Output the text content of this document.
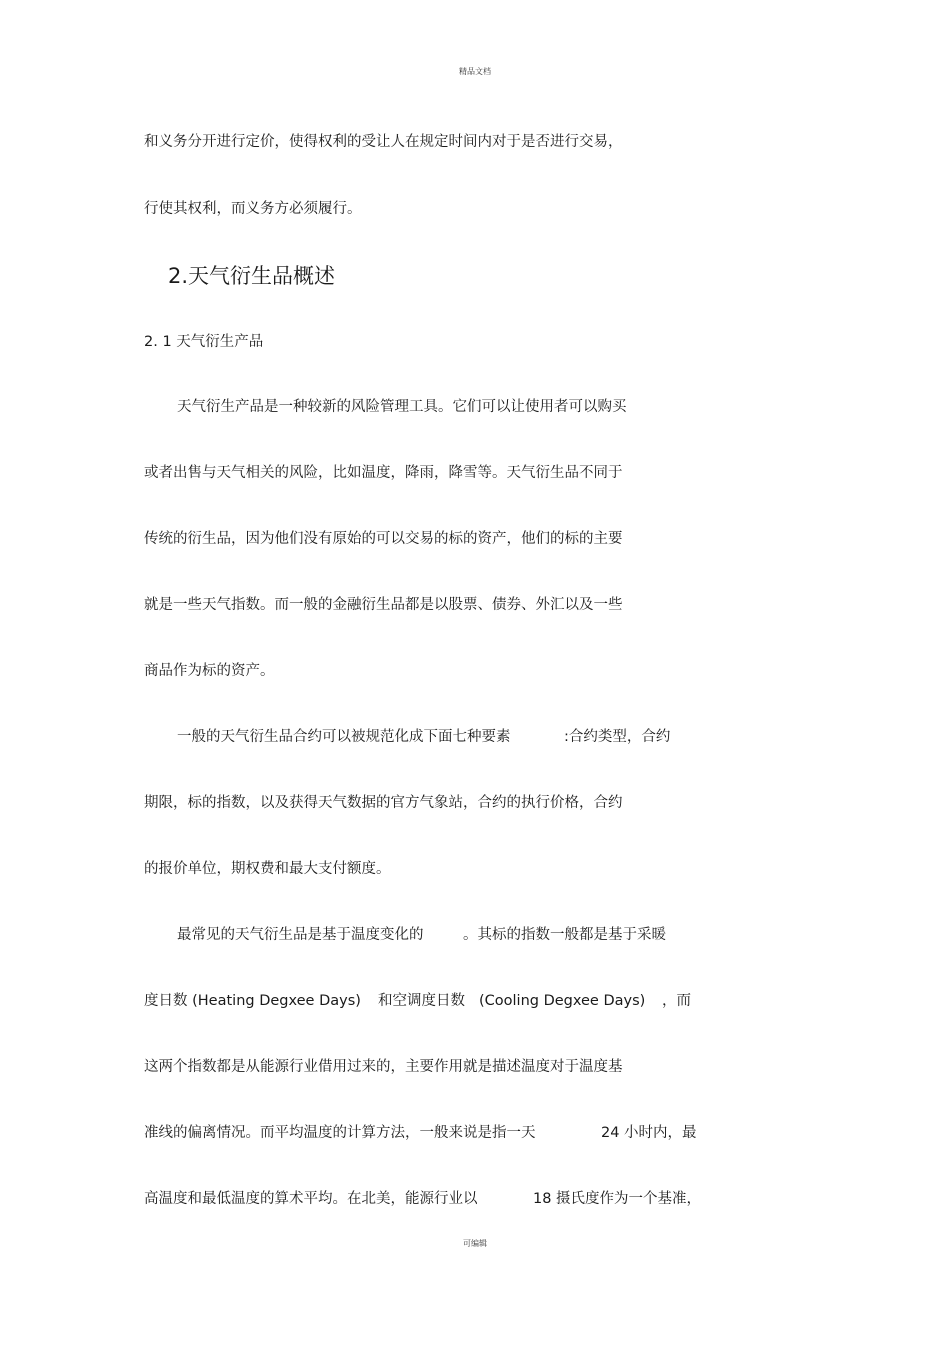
精品文档
和义务分开进行定价，使得权利的受让人在规定时间内对于是否进行交易，
行使其权利，而义务方必须履行。
2.天气衍生品概述
2. 1 天气衍生产品
天气衍生产品是一种较新的风险管理工具。它们可以让使用者可以购买
或者出售与天气相关的风险，比如温度，降雨，降雪等。天气衍生品不同于
传统的衍生品，因为他们没有原始的可以交易的标的资产，他们的标的主要
就是一些天气指数。而一般的金融衍生品都是以股票、债券、外汇以及一些
商品作为标的资产。
一般的天气衍生品合约可以被规范化成下面七种要素	:合约类型，合约
期限，标的指数，以及获得天气数据的官方气象站，合约的执行价格，合约
的报价单位，期权费和最大支付额度。
最常见的天气衍生品是基于温度变化的	。其标的指数一般都是基于采暖
度日数 (Heating Degxee Days) 和空调度日数 (Cooling Degxee Days) ，而
这两个指数都是从能源行业借用过来的，主要作用就是描述温度对于温度基
准线的偏离情况。而平均温度的计算方法，一般来说是指一天	24 小时内，最
高温度和最低温度的算术平均。在北美，能源行业以	18 摄氏度作为一个基准，
可编辑
